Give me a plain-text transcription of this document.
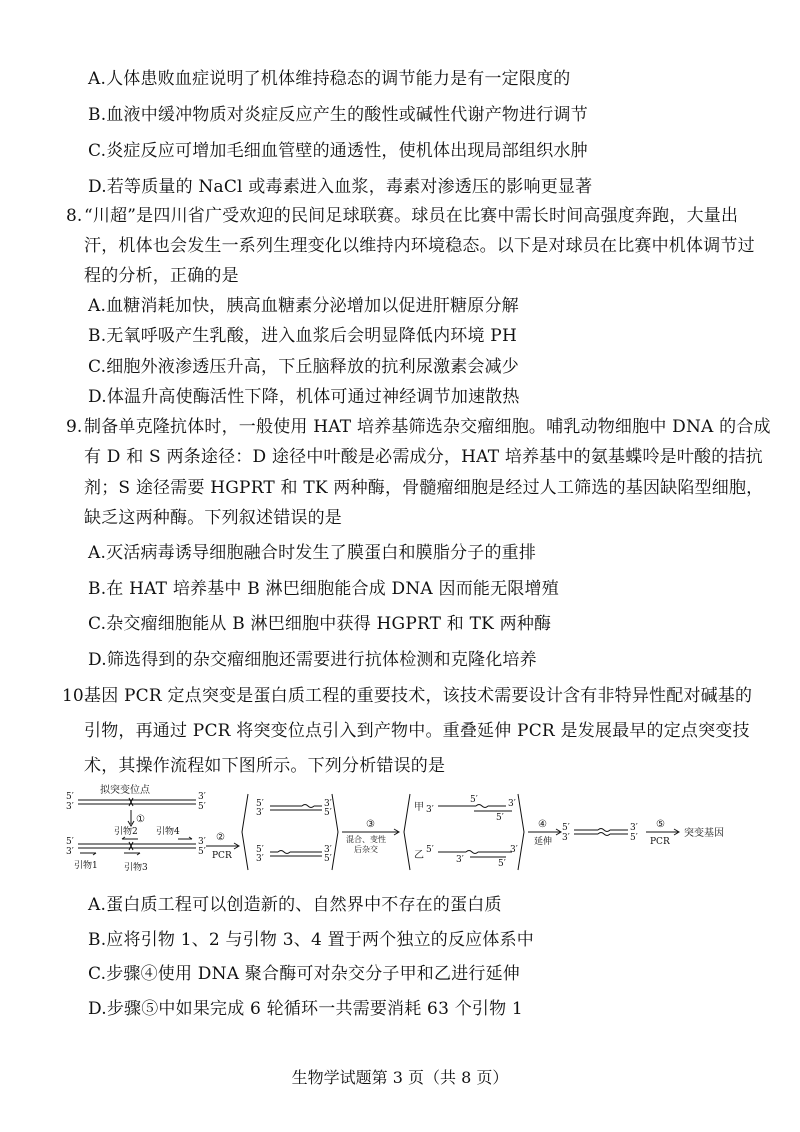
A.人体患败血症说明了机体维持稳态的调节能力是有一定限度的
B.血液中缓冲物质对炎症反应产生的酸性或碱性代谢产物进行调节
C.炎症反应可增加毛细血管壁的通透性，使机体出现局部组织水肿
D.若等质量的 NaCl 或毒素进入血浆，毒素对渗透压的影响更显著
8. “川超”是四川省广受欢迎的民间足球联赛。球员在比赛中需长时间高强度奔跑，大量出
汗，机体也会发生一系列生理变化以维持内环境稳态。以下是对球员在比赛中机体调节过
程的分析，正确的是
A.血糖消耗加快，胰高血糖素分泌增加以促进肝糖原分解
B.无氧呼吸产生乳酸，进入血浆后会明显降低内环境 PH
C.细胞外液渗透压升高，下丘脑释放的抗利尿激素会减少
D.体温升高使酶活性下降，机体可通过神经调节加速散热
9. 制备单克隆抗体时，一般使用 HAT 培养基筛选杂交瘤细胞。哺乳动物细胞中 DNA 的合成
有 D 和 S 两条途径：D 途径中叶酸是必需成分，HAT 培养基中的氨基蝶呤是叶酸的拮抗
剂；S 途径需要 HGPRT 和 TK 两种酶，骨髓瘤细胞是经过人工筛选的基因缺陷型细胞，
缺乏这两种酶。下列叙述错误的是
A.灭活病毒诱导细胞融合时发生了膜蛋白和膜脂分子的重排
B.在 HAT 培养基中 B 淋巴细胞能合成 DNA 因而能无限增殖
C.杂交瘤细胞能从 B 淋巴细胞中获得 HGPRT 和 TK 两种酶
D.筛选得到的杂交瘤细胞还需要进行抗体检测和克隆化培养
10.
基因 PCR 定点突变是蛋白质工程的重要技术，该技术需要设计含有非特异性配对碱基的
引物，再通过 PCR 将突变位点引入到产物中。重叠延伸 PCR 是发展最早的定点突变技
术，其操作流程如下图所示。下列分析错误的是
拟突变位点
5′
3′
3′
5′
①
引物2 引物4
5′
3′
3′
5′
引物1	引物3
②
PCR
5′
3′
3′
5′
5′
3′
3′
5′
③
混合、变性
后杂交
甲 3′
5′	3′
5′
乙 5′	3′
3′	5′
④
延伸
5′
3′
3′
5′
⑤
PCR
突变基因
A.蛋白质工程可以创造新的、自然界中不存在的蛋白质
B.应将引物 1、2 与引物 3、4 置于两个独立的反应体系中
C.步骤④使用 DNA 聚合酶可对杂交分子甲和乙进行延伸
D.步骤⑤中如果完成 6 轮循环一共需要消耗 63 个引物 1
生物学试题第 3 页（共 8 页）
